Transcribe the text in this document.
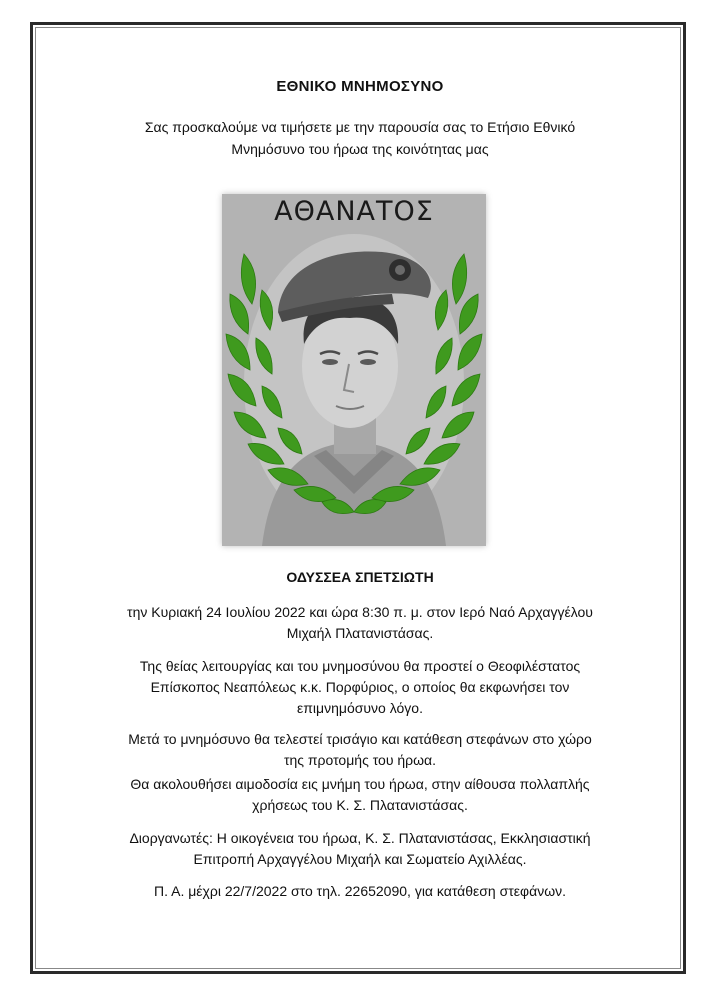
ΕΘΝΙΚΟ ΜΝΗΜΟΣΥΝΟ
Σας προσκαλούμε να τιμήσετε με την παρουσία σας το Ετήσιο Εθνικό
Μνημόσυνο του ήρωα της κοινότητας μας
ΑΘΑΝΑΤΟΣ
ΟΔΥΣΣΕΑ ΣΠΕΤΣΙΩΤΗ
την Κυριακή 24 Ιουλίου 2022 και ώρα 8:30 π. μ. στον Ιερό Ναό Αρχαγγέλου
Μιχαήλ Πλατανιστάσας.
Της θείας λειτουργίας και του μνημοσύνου θα προστεί ο Θεοφιλέστατος
Επίσκοπος Νεαπόλεως κ.κ. Πορφύριος, ο οποίος θα εκφωνήσει τον
επιμνημόσυνο λόγο.
Μετά το μνημόσυνο θα τελεστεί τρισάγιο και κατάθεση στεφάνων στο χώρο
της προτομής του ήρωα.
Θα ακολουθήσει αιμοδοσία εις μνήμη του ήρωα, στην αίθουσα πολλαπλής
χρήσεως του Κ. Σ. Πλατανιστάσας.
Διοργανωτές: Η οικογένεια του ήρωα, Κ. Σ. Πλατανιστάσας, Εκκλησιαστική
Επιτροπή Αρχαγγέλου Μιχαήλ και Σωματείο Αχιλλέας.
Π. Α. μέχρι 22/7/2022 στο τηλ. 22652090, για κατάθεση στεφάνων.
